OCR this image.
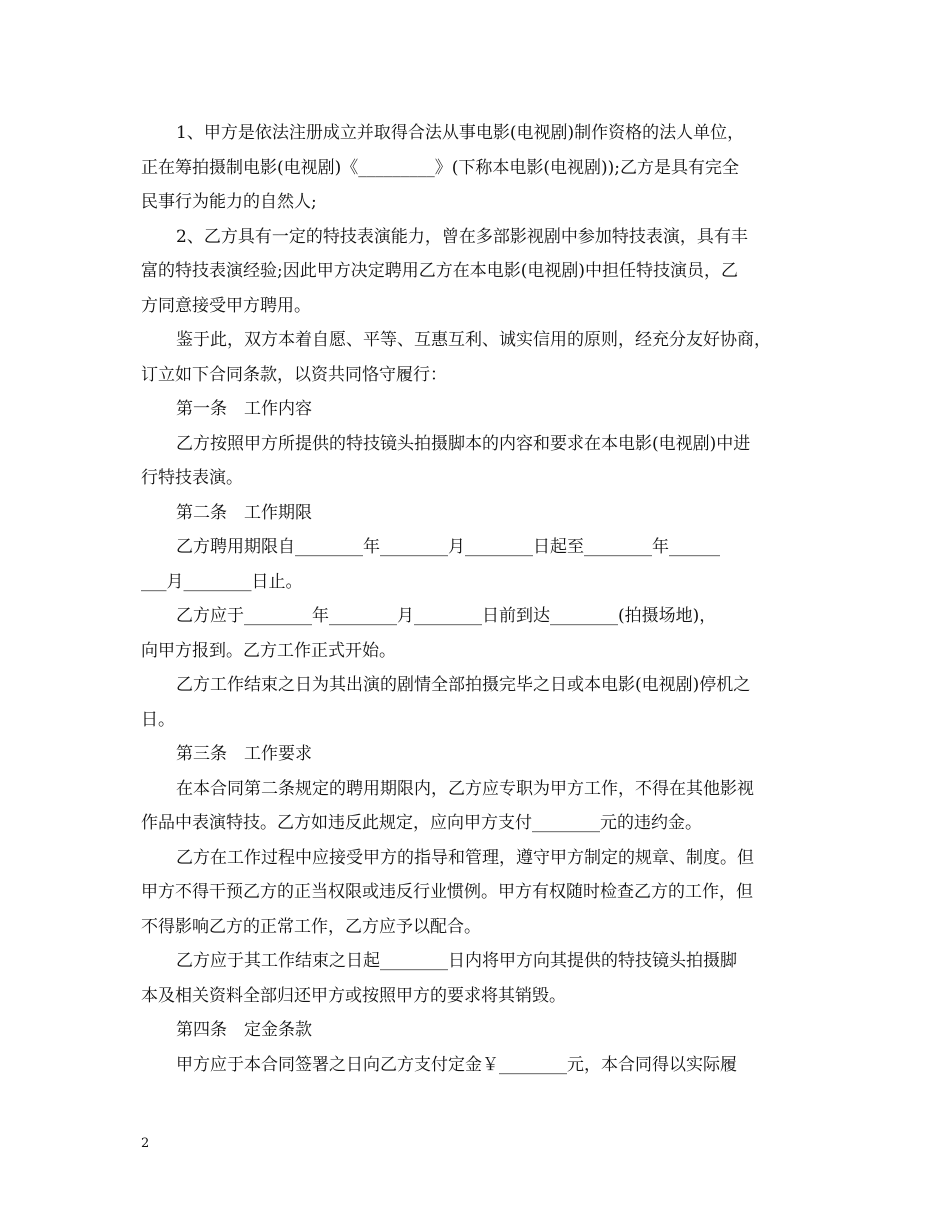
1、甲方是依法注册成立并取得合法从事电影(电视剧)制作资格的法人单位，
正在筹拍摄制电影(电视剧)《_________》(下称本电影(电视剧));乙方是具有完全
民事行为能力的自然人;
2、乙方具有一定的特技表演能力，曾在多部影视剧中参加特技表演，具有丰
富的特技表演经验;因此甲方决定聘用乙方在本电影(电视剧)中担任特技演员，乙
方同意接受甲方聘用。
鉴于此，双方本着自愿、平等、互惠互利、诚实信用的原则，经充分友好协商，
订立如下合同条款，以资共同恪守履行：
第一条　工作内容
乙方按照甲方所提供的特技镜头拍摄脚本的内容和要求在本电影(电视剧)中进
行特技表演。
第二条　工作期限
乙方聘用期限自________年________月________日起至________年______
___月________日止。
乙方应于________年________月________日前到达________(拍摄场地)，
向甲方报到。乙方工作正式开始。
乙方工作结束之日为其出演的剧情全部拍摄完毕之日或本电影(电视剧)停机之
日。
第三条　工作要求
在本合同第二条规定的聘用期限内，乙方应专职为甲方工作，不得在其他影视
作品中表演特技。乙方如违反此规定，应向甲方支付________元的违约金。
乙方在工作过程中应接受甲方的指导和管理，遵守甲方制定的规章、制度。但
甲方不得干预乙方的正当权限或违反行业惯例。甲方有权随时检查乙方的工作，但
不得影响乙方的正常工作，乙方应予以配合。
乙方应于其工作结束之日起________日内将甲方向其提供的特技镜头拍摄脚
本及相关资料全部归还甲方或按照甲方的要求将其销毁。
第四条　定金条款
甲方应于本合同签署之日向乙方支付定金￥________元，本合同得以实际履
2
